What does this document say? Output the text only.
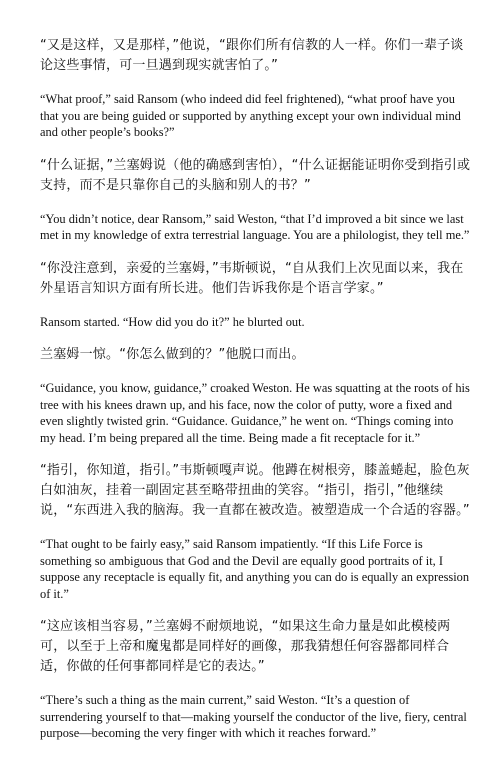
“又是这样，又是那样，”他说，“跟你们所有信教的人一样。你们一辈子谈论这些事情，可一旦遇到现实就害怕了。”

“What proof,” said Ransom (who indeed did feel frightened), “what proof have you that you are being guided or supported by anything except your own individual mind and other people’s books?”

“什么证据，”兰塞姆说（他的确感到害怕），“什么证据能证明你受到指引或支持，而不是只靠你自己的头脑和别人的书？”

“You didn’t notice, dear Ransom,” said Weston, “that I’d improved a bit since we last met in my knowledge of extra terrestrial language. You are a philologist, they tell me.”

“你没注意到，亲爱的兰塞姆，”韦斯顿说，“自从我们上次见面以来，我在外星语言知识方面有所长进。他们告诉我你是个语言学家。”

Ransom started. “How did you do it?” he blurted out.

兰塞姆一惊。“你怎么做到的？”他脱口而出。

“Guidance, you know, guidance,” croaked Weston. He was squatting at the roots of his tree with his knees drawn up, and his face, now the color of putty, wore a fixed and even slightly twisted grin. “Guidance. Guidance,” he went on. “Things coming into my head. I’m being prepared all the time. Being made a fit receptacle for it.”

“指引，你知道，指引。”韦斯顿嘎声说。他蹲在树根旁，膝盖蜷起，脸色灰白如油灰，挂着一副固定甚至略带扭曲的笑容。“指引，指引，”他继续说，“东西进入我的脑海。我一直都在被改造。被塑造成一个合适的容器。”

“That ought to be fairly easy,” said Ransom impatiently. “If this Life Force is something so ambiguous that God and the Devil are equally good portraits of it, I suppose any receptacle is equally fit, and anything you can do is equally an expression of it.”

“这应该相当容易，”兰塞姆不耐烦地说，“如果这生命力量是如此模棱两可，以至于上帝和魔鬼都是同样好的画像，那我猜想任何容器都同样合适，你做的任何事都同样是它的表达。”

“There’s such a thing as the main current,” said Weston. “It’s a question of surrendering yourself to that—making yourself the conductor of the live, fiery, central purpose—becoming the very finger with which it reaches forward.”
